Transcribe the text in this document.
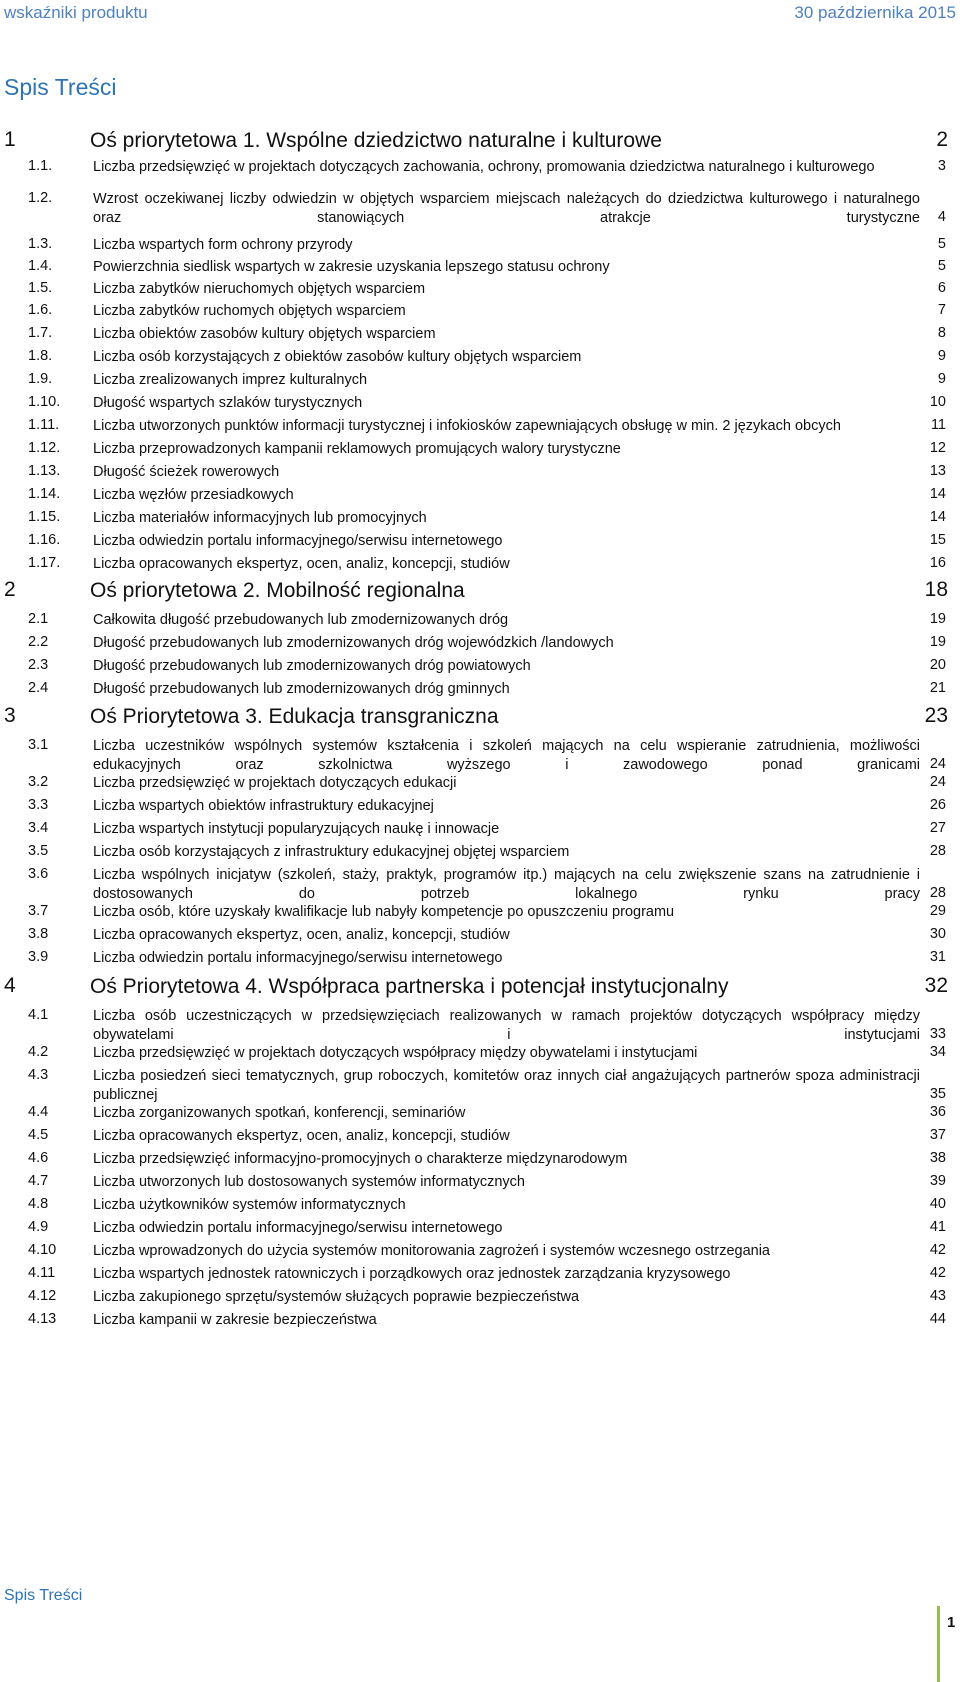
wskaźniki produktu	30 października 2015
Spis Treści
1	Oś priorytetowa 1. Wspólne dziedzictwo naturalne i kulturowe	2
1.1.	Liczba przedsięwzięć w projektach dotyczących zachowania, ochrony, promowania dziedzictwa naturalnego i kulturowego	3
1.2.	Wzrost oczekiwanej liczby odwiedzin w objętych wsparciem miejscach należących do dziedzictwa kulturowego i naturalnego oraz stanowiących atrakcje turystyczne 4
1.3.	Liczba wspartych form ochrony przyrody	5
1.4.	Powierzchnia siedlisk wspartych w zakresie uzyskania lepszego statusu ochrony	5
1.5.	Liczba zabytków nieruchomych objętych wsparciem	6
1.6.	Liczba zabytków ruchomych objętych wsparciem	7
1.7.	Liczba obiektów zasobów kultury objętych wsparciem	8
1.8.	Liczba osób korzystających z obiektów zasobów kultury objętych wsparciem	9
1.9.	Liczba zrealizowanych imprez kulturalnych	9
1.10. Długość wspartych szlaków turystycznych	10
1.11. Liczba utworzonych punktów informacji turystycznej i infokiosków zapewniających obsługę w min. 2 językach obcych	11
1.12. Liczba przeprowadzonych kampanii reklamowych promujących walory turystyczne	12
1.13. Długość ścieżek rowerowych	13
1.14. Liczba węzłów przesiadkowych	14
1.15. Liczba materiałów informacyjnych lub promocyjnych	14
1.16. Liczba odwiedzin portalu informacyjnego/serwisu internetowego	15
1.17. Liczba opracowanych ekspertyz, ocen, analiz, koncepcji, studiów	16
2	Oś priorytetowa 2. Mobilność regionalna	18
2.1	Całkowita długość przebudowanych lub zmodernizowanych dróg	19
2.2	Długość przebudowanych lub zmodernizowanych dróg wojewódzkich /landowych	19
2.3	Długość przebudowanych lub zmodernizowanych dróg powiatowych	20
2.4	Długość przebudowanych lub zmodernizowanych dróg gminnych	21
3	Oś Priorytetowa 3. Edukacja transgraniczna	23
3.1	Liczba uczestników wspólnych systemów kształcenia i szkoleń mających na celu wspieranie zatrudnienia, możliwości edukacyjnych oraz szkolnictwa wyższego i zawodowego ponad granicami 24
3.2	Liczba przedsięwzięć w projektach dotyczących edukacji	24
3.3	Liczba wspartych obiektów infrastruktury edukacyjnej	26
3.4	Liczba wspartych instytucji popularyzujących naukę i innowacje	27
3.5	Liczba osób korzystających z infrastruktury edukacyjnej objętej wsparciem	28
3.6	Liczba wspólnych inicjatyw (szkoleń, staży, praktyk, programów itp.) mających na celu zwiększenie szans na zatrudnienie i dostosowanych do potrzeb lokalnego rynku pracy 28
3.7	Liczba osób, które uzyskały kwalifikacje lub nabyły kompetencje po opuszczeniu programu	29
3.8	Liczba opracowanych ekspertyz, ocen, analiz, koncepcji, studiów	30
3.9	Liczba odwiedzin portalu informacyjnego/serwisu internetowego	31
4	Oś Priorytetowa 4. Współpraca partnerska i potencjał instytucjonalny	32
4.1	Liczba osób uczestniczących w przedsięwzięciach realizowanych w ramach projektów dotyczących współpracy między obywatelami i instytucjami 33
4.2	Liczba przedsięwzięć w projektach dotyczących współpracy między obywatelami i instytucjami	34
4.3	Liczba posiedzeń sieci tematycznych, grup roboczych, komitetów oraz innych ciał angażujących partnerów spoza administracji publicznej	35
4.4	Liczba zorganizowanych spotkań, konferencji, seminariów	36
4.5	Liczba opracowanych ekspertyz, ocen, analiz, koncepcji, studiów	37
4.6	Liczba przedsięwzięć informacyjno-promocyjnych o charakterze międzynarodowym	38
4.7	Liczba utworzonych lub dostosowanych systemów informatycznych	39
4.8	Liczba użytkowników systemów informatycznych	40
4.9	Liczba odwiedzin portalu informacyjnego/serwisu internetowego	41
4.10	Liczba wprowadzonych do użycia systemów monitorowania zagrożeń i systemów wczesnego ostrzegania	42
4.11	Liczba wspartych jednostek ratowniczych i porządkowych oraz jednostek zarządzania kryzysowego	42
4.12	Liczba zakupionego sprzętu/systemów służących poprawie bezpieczeństwa	43
4.13	Liczba kampanii w zakresie bezpieczeństwa	44
Spis Treści
1
